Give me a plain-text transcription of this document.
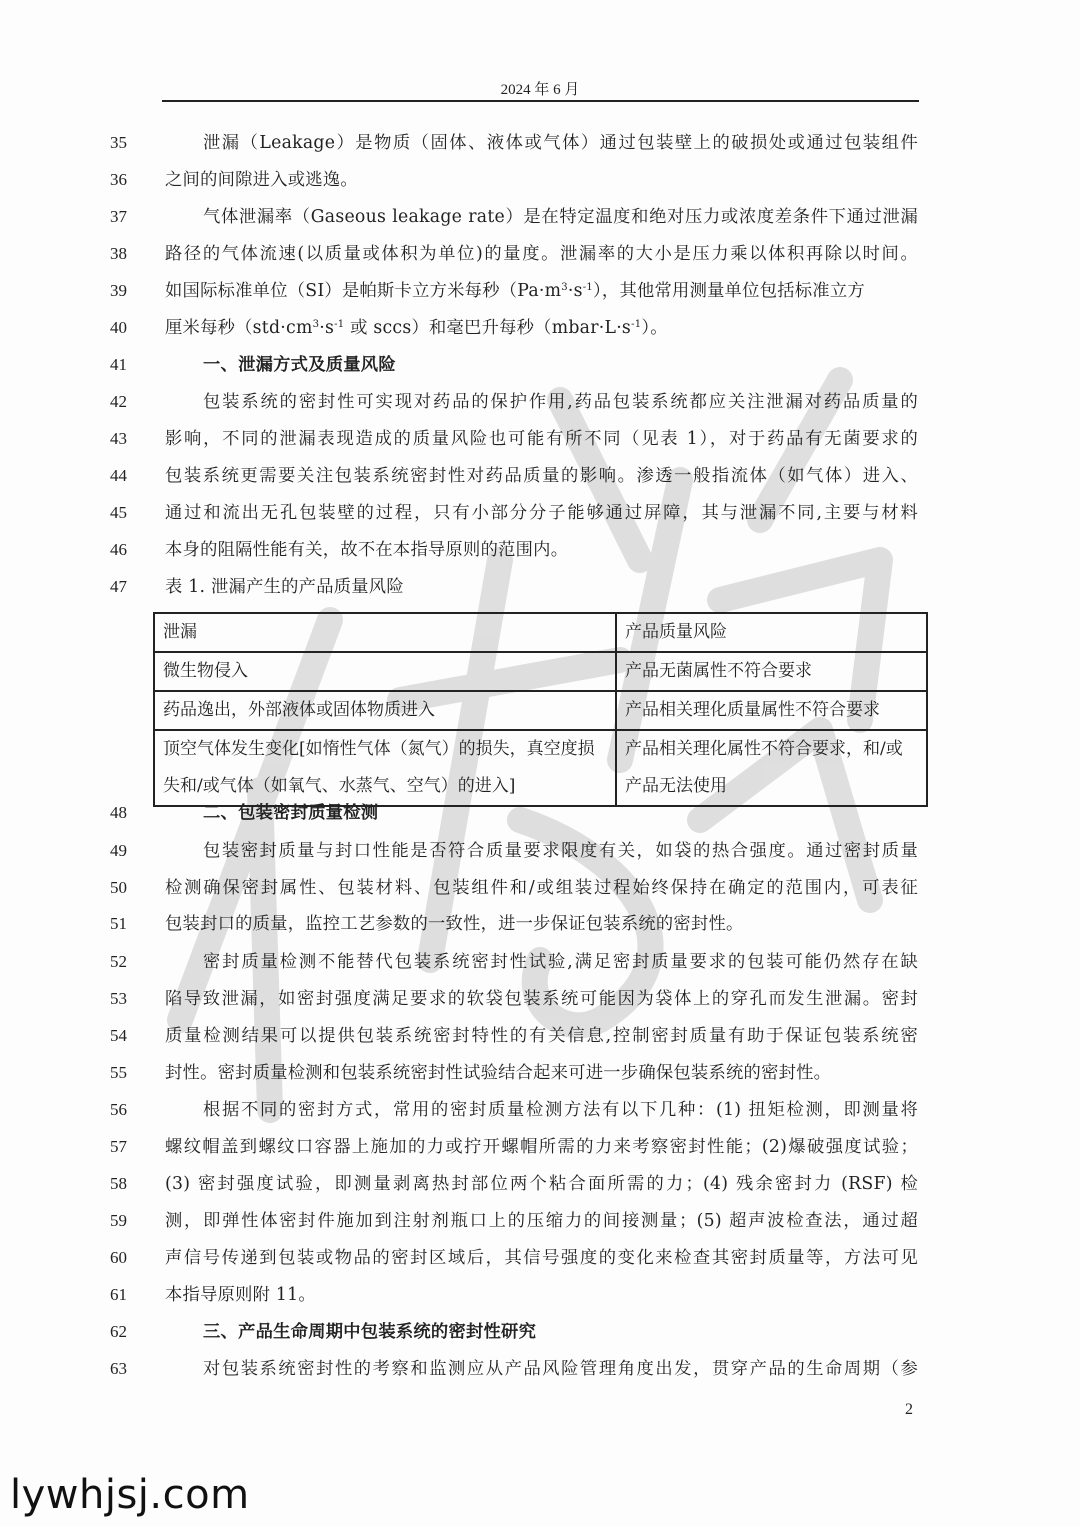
2024 年 6 月
35	泄漏（Leakage）是物质（固体、液体或气体）通过包装壁上的破损处或通过包装组件
36 之间的间隙进入或逃逸。
37	气体泄漏率（Gaseous leakage rate）是在特定温度和绝对压力或浓度差条件下通过泄漏
38 路径的气体流速(以质量或体积为单位)的量度。泄漏率的大小是压力乘以体积再除以时间。
39 如国际标准单位（SI）是帕斯卡立方米每秒$(Pa\cdot m^3\cdot s^{-1})$，其他常用测量单位包括标准立方
40 厘米每秒（$std\cdot cm^3\cdot s^{-1}$ 或 sccs）和毫巴升每秒$(mbar\cdot L\cdot s^{-1})$。
41	一、泄漏方式及质量风险
42	包装系统的密封性可实现对药品的保护作用,药品包装系统都应关注泄漏对药品质量的
43 影响，不同的泄漏表现造成的质量风险也可能有所不同（见表 1），对于药品有无菌要求的
44 包装系统更需要关注包装系统密封性对药品质量的影响。渗透一般指流体（如气体）进入、
45 通过和流出无孔包装壁的过程，只有小部分分子能够通过屏障，其与泄漏不同,主要与材料
46 本身的阻隔性能有关，故不在本指导原则的范围内。
47 表 1. 泄漏产生的产品质量风险
泄漏	产品质量风险
微生物侵入	产品无菌属性不符合要求
药品逸出，外部液体或固体物质进入	产品相关理化质量属性不符合要求
顶空气体发生变化[如惰性气体（氮气）的损失，真空度损失和/或气体（如氧气、水蒸气、空气）的进入]	产品相关理化属性不符合要求，和/或产品无法使用
48	二、包装密封质量检测
49	包装密封质量与封口性能是否符合质量要求限度有关，如袋的热合强度。通过密封质量
50 检测确保密封属性、包装材料、包装组件和/或组装过程始终保持在确定的范围内，可表征
51 包装封口的质量，监控工艺参数的一致性，进一步保证包装系统的密封性。
52	密封质量检测不能替代包装系统密封性试验,满足密封质量要求的包装可能仍然存在缺
53 陷导致泄漏，如密封强度满足要求的软袋包装系统可能因为袋体上的穿孔而发生泄漏。密封
54 质量检测结果可以提供包装系统密封特性的有关信息,控制密封质量有助于保证包装系统密
55 封性。密封质量检测和包装系统密封性试验结合起来可进一步确保包装系统的密封性。
56	根据不同的密封方式，常用的密封质量检测方法有以下几种：(1) 扭矩检测，即测量将
57 螺纹帽盖到螺纹口容器上施加的力或拧开螺帽所需的力来考察密封性能；(2)爆破强度试验；
58 (3) 密封强度试验，即测量剥离热封部位两个粘合面所需的力；(4) 残余密封力 (RSF) 检
59 测，即弹性体密封件施加到注射剂瓶口上的压缩力的间接测量；(5) 超声波检查法，通过超
60 声信号传递到包装或物品的密封区域后，其信号强度的变化来检查其密封质量等，方法可见
61 本指导原则附 11。
62	三、产品生命周期中包装系统的密封性研究
63	对包装系统密封性的考察和监测应从产品风险管理角度出发，贯穿产品的生命周期（参
2
lywhjsj.com
